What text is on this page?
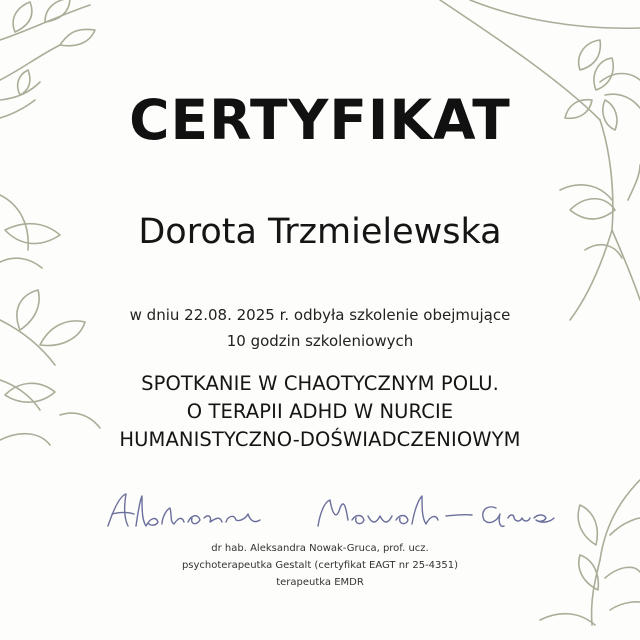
CERTYFIKAT
Dorota Trzmielewska
w dniu 22.08. 2025 r. odbyła szkolenie obejmujące
10 godzin szkoleniowych
SPOTKANIE W CHAOTYCZNYM POLU.
O TERAPII ADHD W NURCIE
HUMANISTYCZNO-DOŚWIADCZENIOWYM
dr hab. Aleksandra Nowak-Gruca, prof. ucz.
psychoterapeutka Gestalt (certyfikat EAGT nr 25-4351)
terapeutka EMDR
